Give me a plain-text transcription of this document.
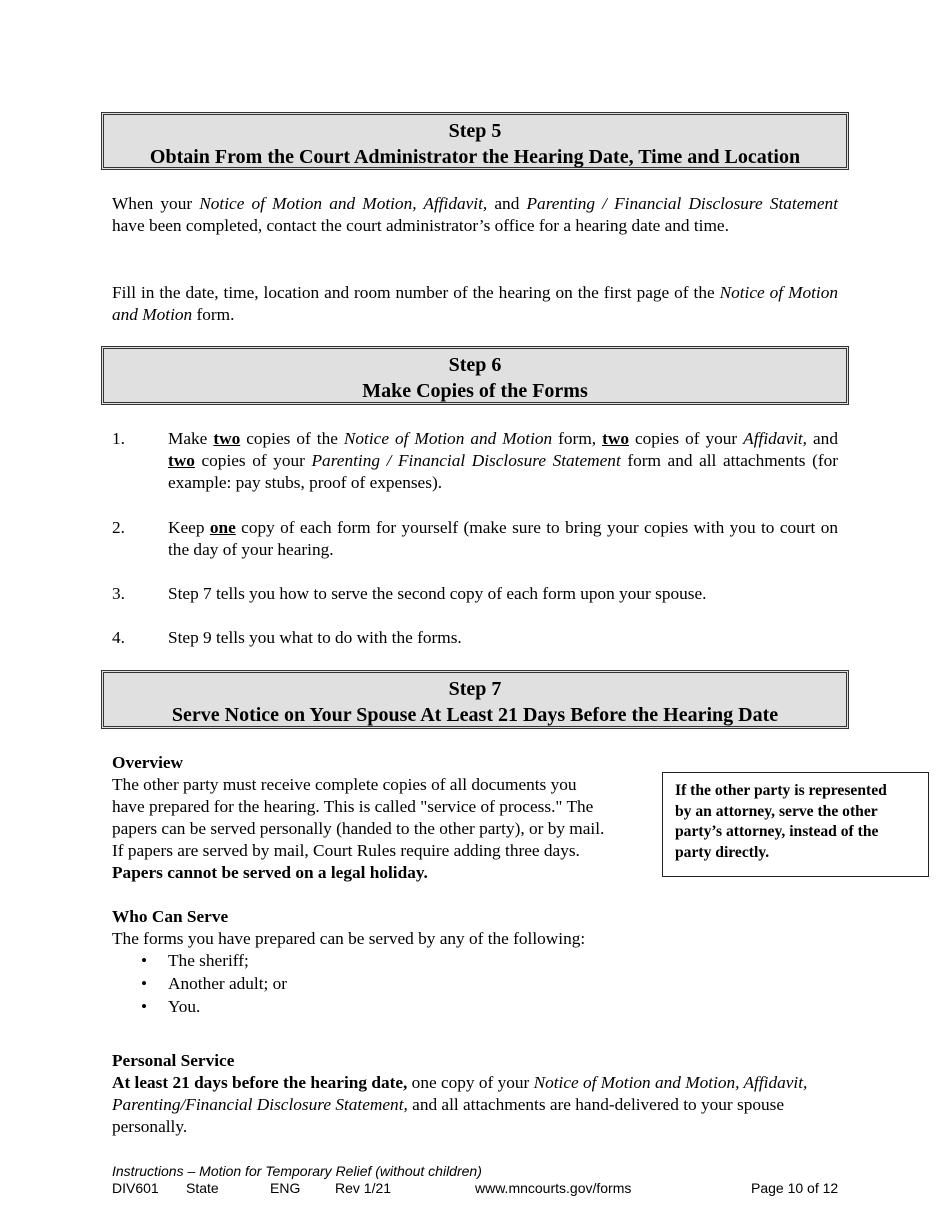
Step 5
Obtain From the Court Administrator the Hearing Date, Time and Location
When your Notice of Motion and Motion, Affidavit, and Parenting / Financial Disclosure Statement have been completed, contact the court administrator’s office for a hearing date and time.
Fill in the date, time, location and room number of the hearing on the first page of the Notice of Motion and Motion form.
Step 6
Make Copies of the Forms
1. Make two copies of the Notice of Motion and Motion form, two copies of your Affidavit, and two copies of your Parenting / Financial Disclosure Statement form and all attachments (for example: pay stubs, proof of expenses).
2. Keep one copy of each form for yourself (make sure to bring your copies with you to court on the day of your hearing.
3. Step 7 tells you how to serve the second copy of each form upon your spouse.
4. Step 9 tells you what to do with the forms.
Step 7
Serve Notice on Your Spouse At Least 21 Days Before the Hearing Date
Overview
The other party must receive complete copies of all documents you
have prepared for the hearing. This is called "service of process." The
papers can be served personally (handed to the other party), or by mail.
If papers are served by mail, Court Rules require adding three days.
Papers cannot be served on a legal holiday.
If the other party is represented
by an attorney, serve the other
party’s attorney, instead of the
party directly.
Who Can Serve
The forms you have prepared can be served by any of the following:
• The sheriff;
• Another adult; or
• You.
Personal Service
At least 21 days before the hearing date, one copy of your Notice of Motion and Motion, Affidavit, Parenting/Financial Disclosure Statement, and all attachments are hand-delivered to your spouse personally.
Instructions – Motion for Temporary Relief (without children)
DIV601 State	ENG Rev 1/21	www.mncourts.gov/forms	Page 10 of 12
